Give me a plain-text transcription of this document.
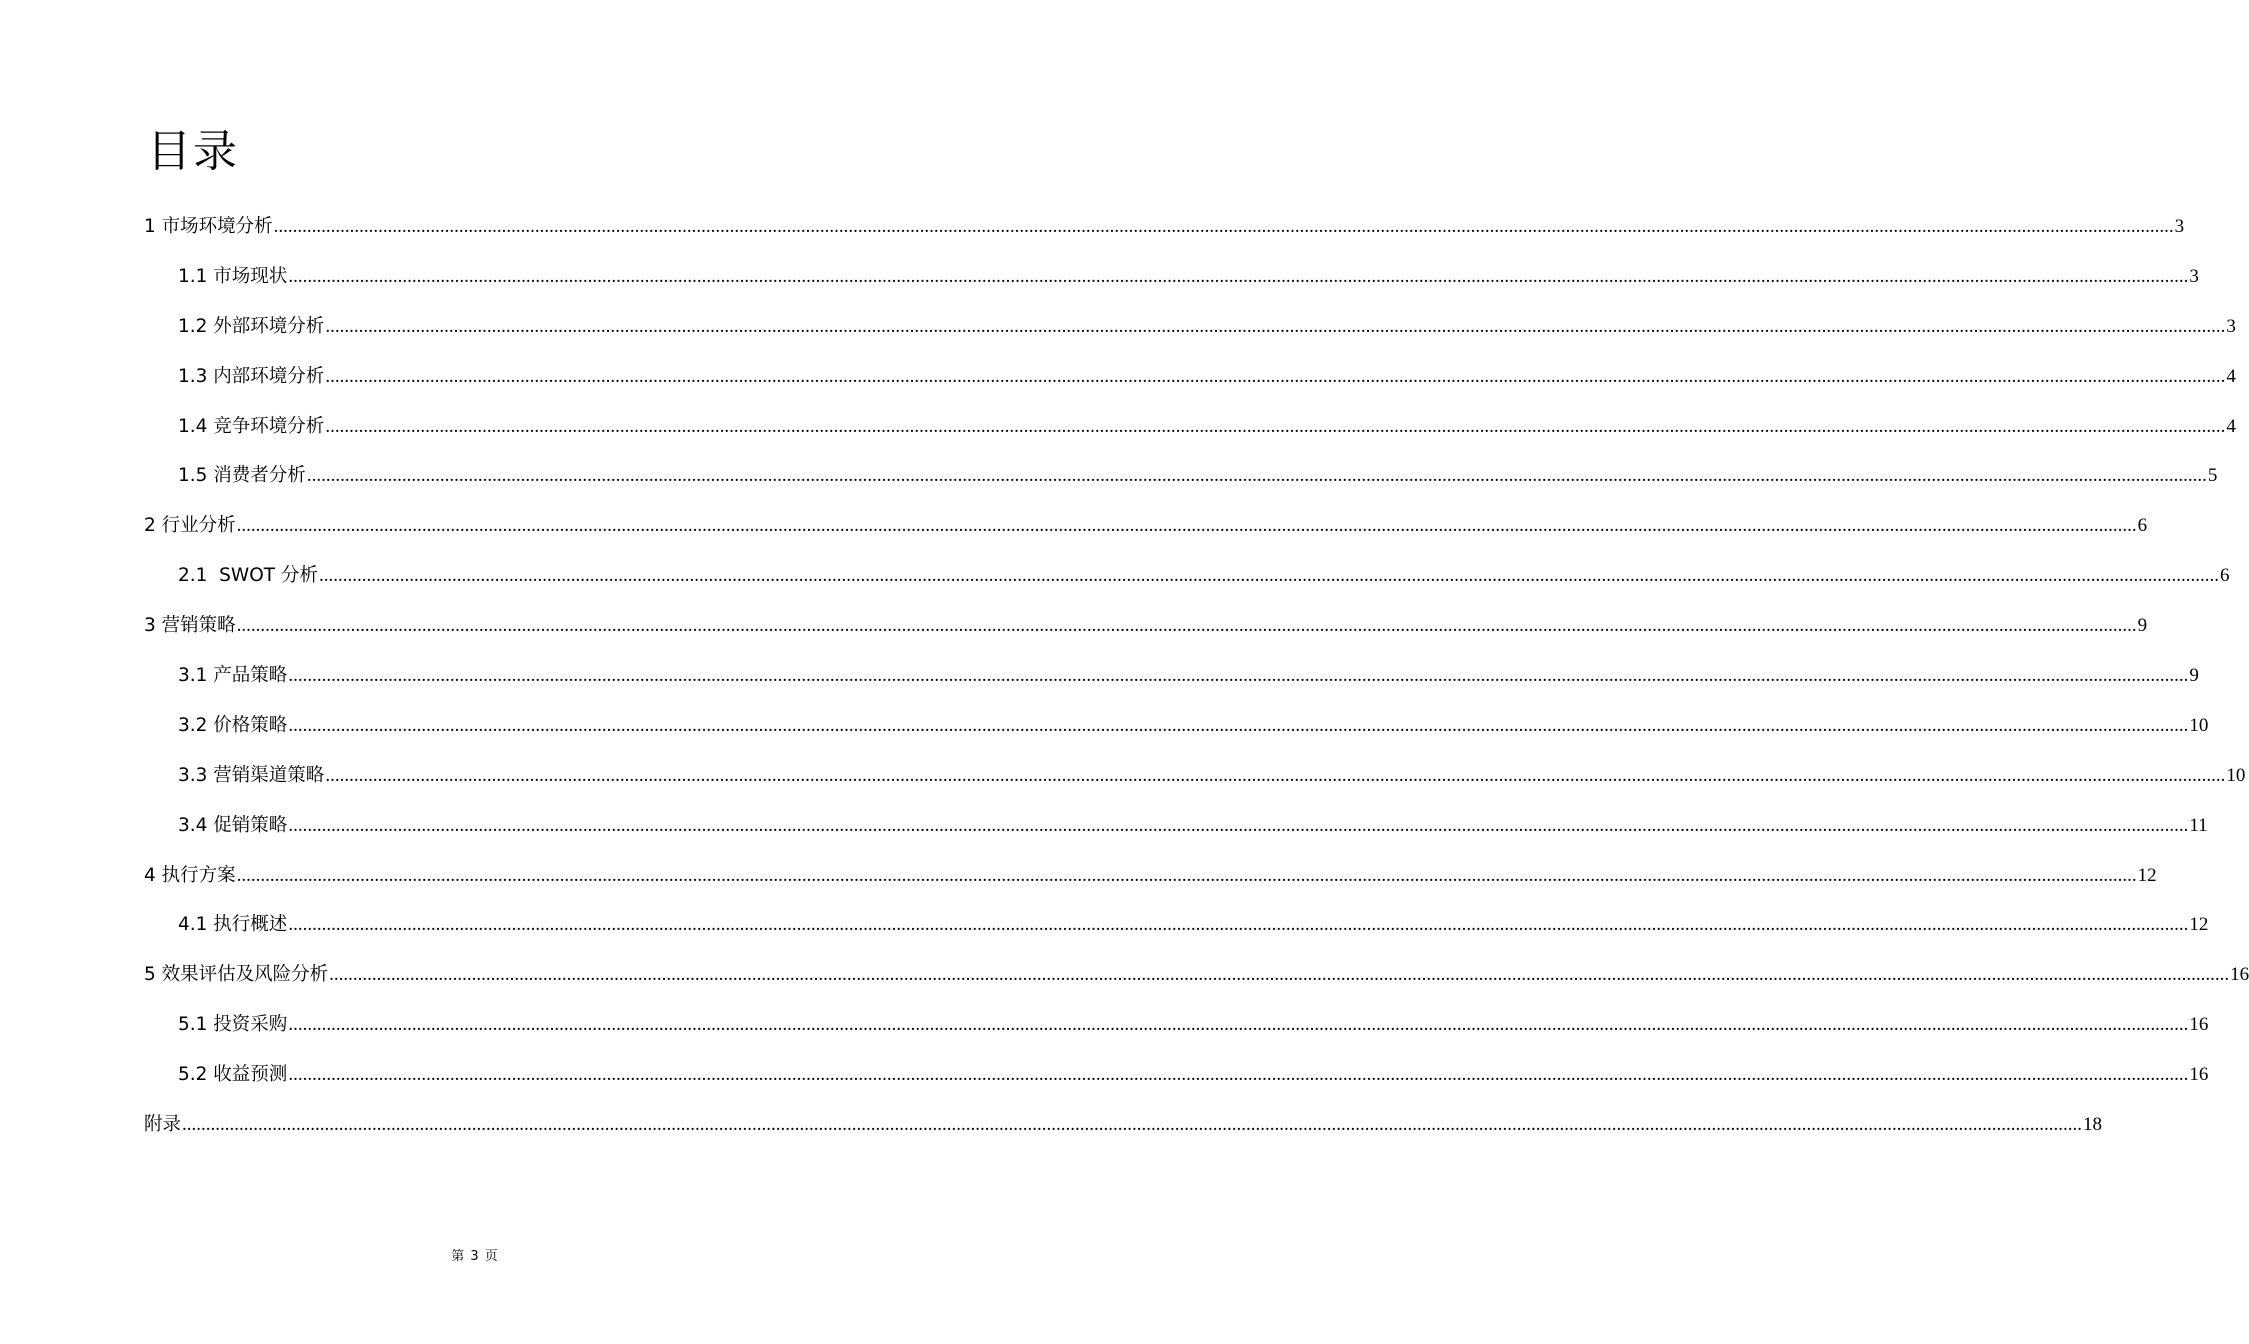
目录
1 市场环境分析 ................................................................................................................................................................................................................................................................................................................................................................................................................ 3
1.1 市场现状 ................................................................................................................................................................................................................................................................................................................................................................................................................ 3
1.2 外部环境分析 ................................................................................................................................................................................................................................................................................................................................................................................................................ 3
1.3 内部环境分析 ................................................................................................................................................................................................................................................................................................................................................................................................................ 4
1.4 竞争环境分析 ................................................................................................................................................................................................................................................................................................................................................................................................................ 4
1.5 消费者分析 ................................................................................................................................................................................................................................................................................................................................................................................................................ 5
2 行业分析 ................................................................................................................................................................................................................................................................................................................................................................................................................ 6
2.1  SWOT 分析 ................................................................................................................................................................................................................................................................................................................................................................................................................ 6
3 营销策略 ................................................................................................................................................................................................................................................................................................................................................................................................................ 9
3.1 产品策略 ................................................................................................................................................................................................................................................................................................................................................................................................................ 9
3.2 价格策略 ................................................................................................................................................................................................................................................................................................................................................................................................................ 10
3.3 营销渠道策略 ................................................................................................................................................................................................................................................................................................................................................................................................................ 10
3.4 促销策略 ................................................................................................................................................................................................................................................................................................................................................................................................................ 11
4 执行方案 ................................................................................................................................................................................................................................................................................................................................................................................................................ 12
4.1 执行概述 ................................................................................................................................................................................................................................................................................................................................................................................................................ 12
5 效果评估及风险分析 ................................................................................................................................................................................................................................................................................................................................................................................................................ 16
5.1 投资采购 ................................................................................................................................................................................................................................................................................................................................................................................................................ 16
5.2 收益预测 ................................................................................................................................................................................................................................................................................................................................................................................................................ 16
附录 ................................................................................................................................................................................................................................................................................................................................................................................................................ 18
第 3 页
